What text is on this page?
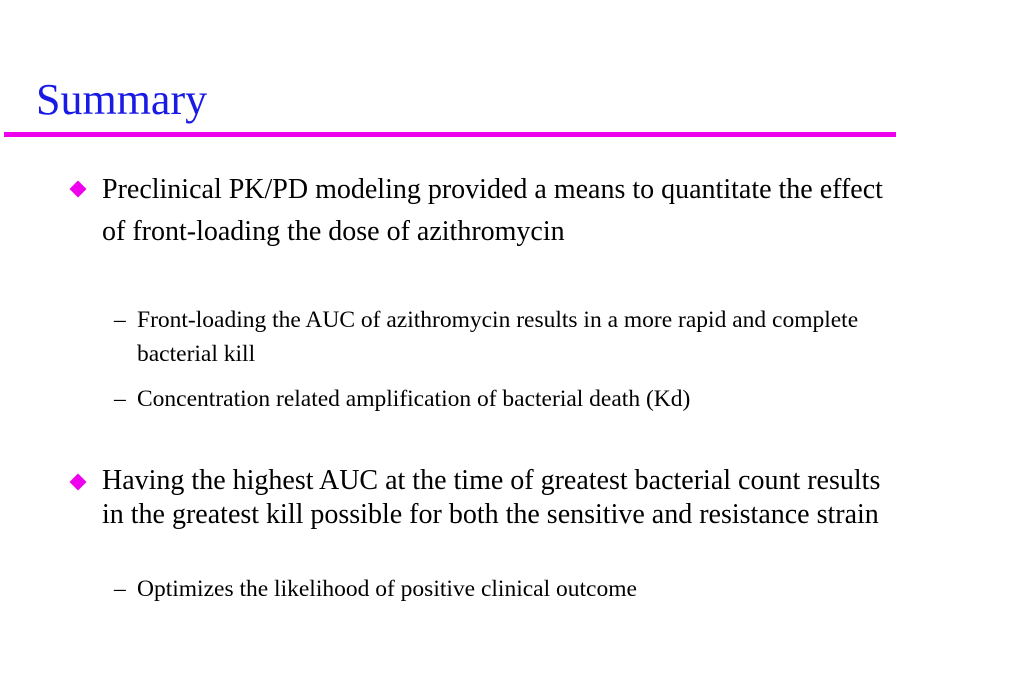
Summary
Preclinical PK/PD modeling provided a means to quantitate the effect of front-loading the dose of azithromycin
– Front-loading the AUC of azithromycin results in a more rapid and complete bacterial kill
– Concentration related amplification of bacterial death (Kd)
Having the highest AUC at the time of greatest bacterial count results in the greatest kill possible for both the sensitive and resistance strain
– Optimizes the likelihood of positive clinical outcome
